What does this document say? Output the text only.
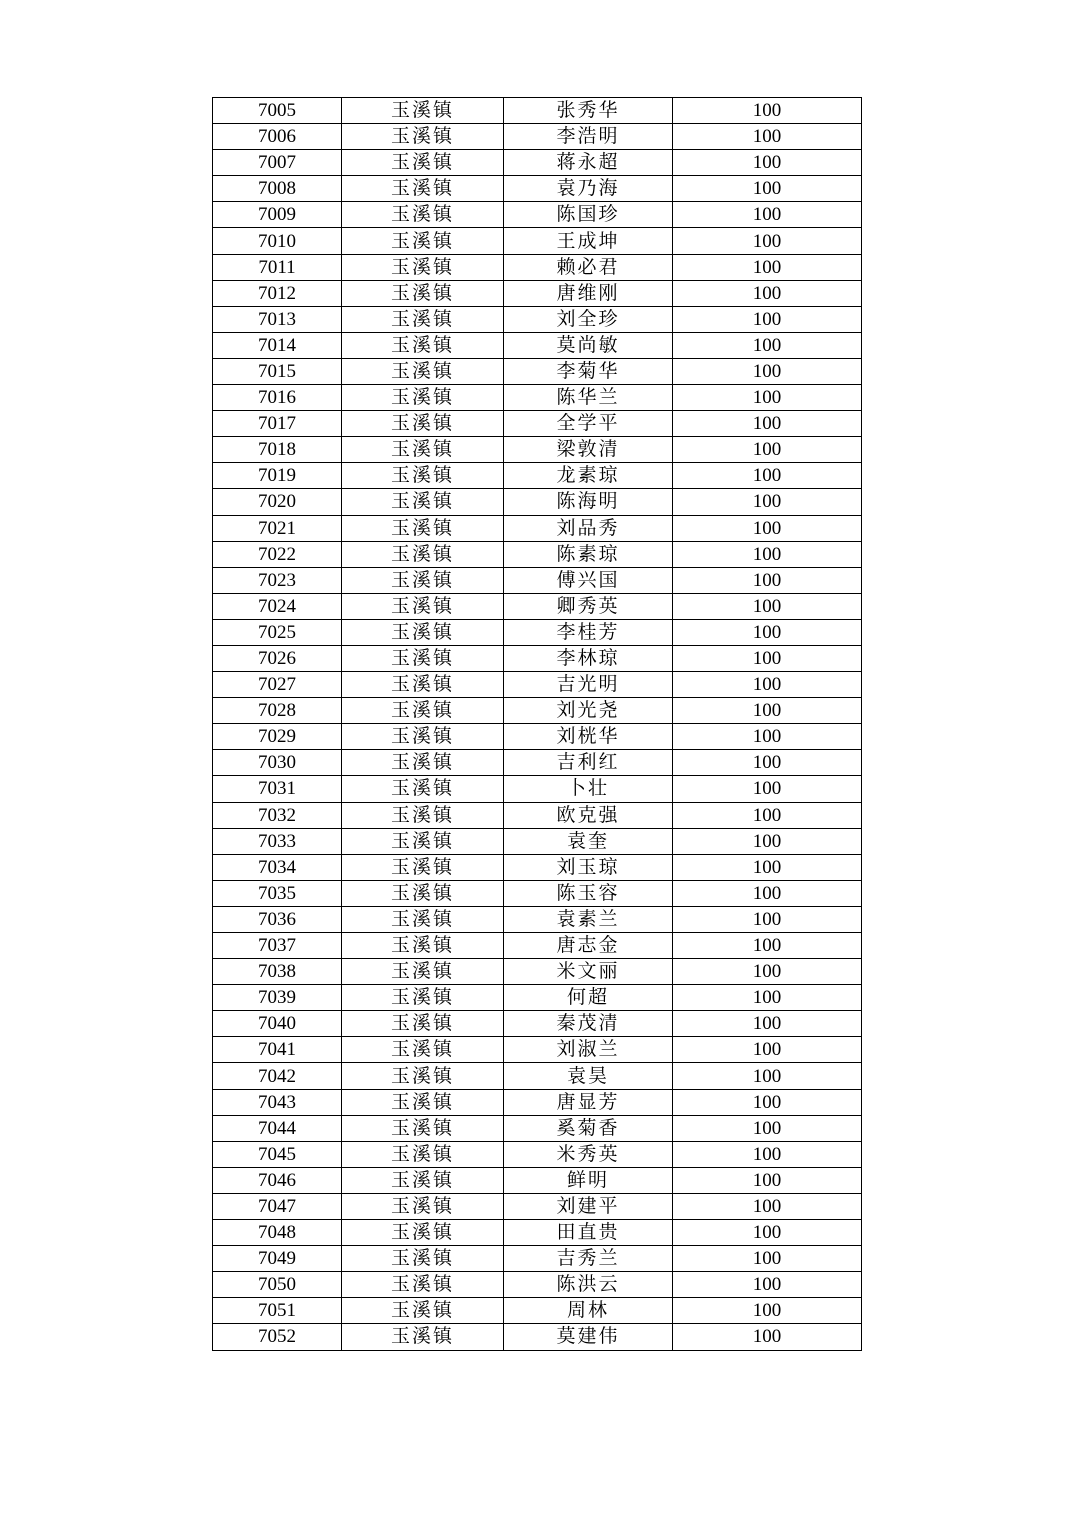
7005	玉溪镇	张秀华	100
7006	玉溪镇	李浩明	100
7007	玉溪镇	蒋永超	100
7008	玉溪镇	袁乃海	100
7009	玉溪镇	陈国珍	100
7010	玉溪镇	王成坤	100
7011	玉溪镇	赖必君	100
7012	玉溪镇	唐维刚	100
7013	玉溪镇	刘全珍	100
7014	玉溪镇	莫尚敏	100
7015	玉溪镇	李菊华	100
7016	玉溪镇	陈华兰	100
7017	玉溪镇	全学平	100
7018	玉溪镇	梁敦清	100
7019	玉溪镇	龙素琼	100
7020	玉溪镇	陈海明	100
7021	玉溪镇	刘品秀	100
7022	玉溪镇	陈素琼	100
7023	玉溪镇	傅兴国	100
7024	玉溪镇	卿秀英	100
7025	玉溪镇	李桂芳	100
7026	玉溪镇	李林琼	100
7027	玉溪镇	吉光明	100
7028	玉溪镇	刘光尧	100
7029	玉溪镇	刘桄华	100
7030	玉溪镇	吉利红	100
7031	玉溪镇	卜壮	100
7032	玉溪镇	欧克强	100
7033	玉溪镇	袁奎	100
7034	玉溪镇	刘玉琼	100
7035	玉溪镇	陈玉容	100
7036	玉溪镇	袁素兰	100
7037	玉溪镇	唐志金	100
7038	玉溪镇	米文丽	100
7039	玉溪镇	何超	100
7040	玉溪镇	秦茂清	100
7041	玉溪镇	刘淑兰	100
7042	玉溪镇	袁昊	100
7043	玉溪镇	唐显芳	100
7044	玉溪镇	奚菊香	100
7045	玉溪镇	米秀英	100
7046	玉溪镇	鲜明	100
7047	玉溪镇	刘建平	100
7048	玉溪镇	田直贵	100
7049	玉溪镇	吉秀兰	100
7050	玉溪镇	陈洪云	100
7051	玉溪镇	周林	100
7052	玉溪镇	莫建伟	100
